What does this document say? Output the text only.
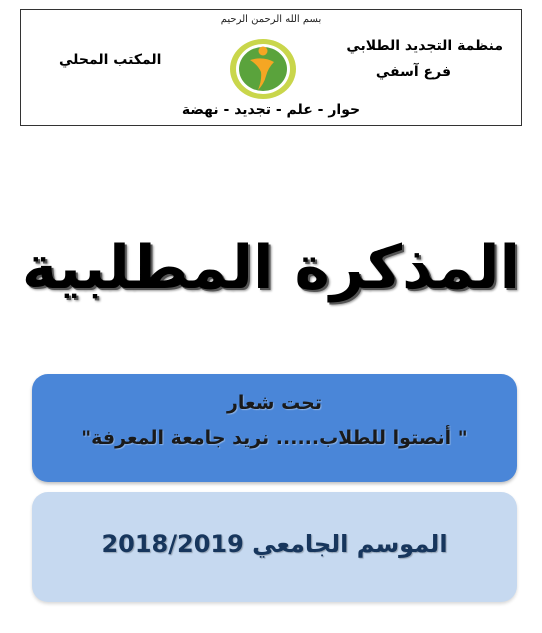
بسم الله الرحمن الرحيم
منظمة التجديد الطلابي
فرع آسفي
المكتب المحلي
حوار - علم - تجديد - نهضة
المذكرة المطلبية
تحت شعار
" أنصتوا للطلاب...... نريد جامعة المعرفة"
الموسم الجامعي 2018/2019
